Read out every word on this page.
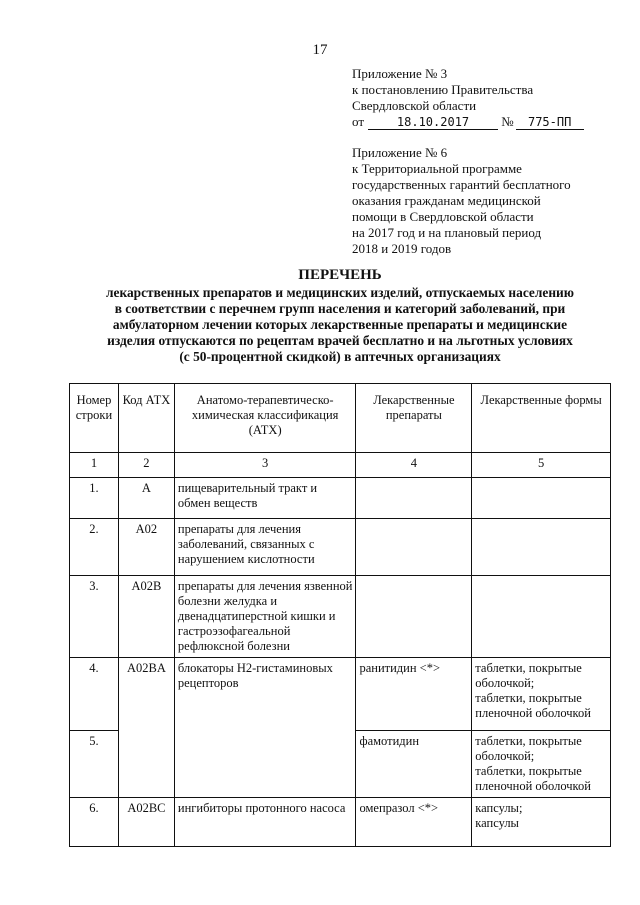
17
Приложение № 3
к постановлению Правительства
Свердловской области
от	18.10.2017 № 775-ПП
Приложение № 6
к Территориальной программе
государственных гарантий бесплатного
оказания гражданам медицинской
помощи в Свердловской области
на 2017 год и на плановый период
2018 и 2019 годов
ПЕРЕЧЕНЬ
лекарственных препаратов и медицинских изделий, отпускаемых населению
в соответствии с перечнем групп населения и категорий заболеваний, при
амбулаторном лечении которых лекарственные препараты и медицинские
изделия отпускаются по рецептам врачей бесплатно и на льготных условиях
(с 50-процентной скидкой) в аптечных организациях
Номер строки	Код АТХ	Анатомо-терапевтическо-химическая классификация (АТХ)	Лекарственные препараты	Лекарственные формы
1	2	3	4	5
1.	A	пищеварительный тракт и обмен веществ		
2.	A02	препараты для лечения заболеваний, связанных с нарушением кислотности		
3.	A02B	препараты для лечения язвенной болезни желудка и двенадцатиперстной кишки и гастроэзофагеальной рефлюксной болезни		
4.	A02BA	блокаторы H2-гистаминовых рецепторов	ранитидин <*>	таблетки, покрытые оболочкой;
таблетки, покрытые пленочной оболочкой

5.			фамотидин	таблетки, покрытые оболочкой;
таблетки, покрытые пленочной оболочкой

6.	A02BC	ингибиторы протонного насоса	омепразол <*>	капсулы;
капсулы
